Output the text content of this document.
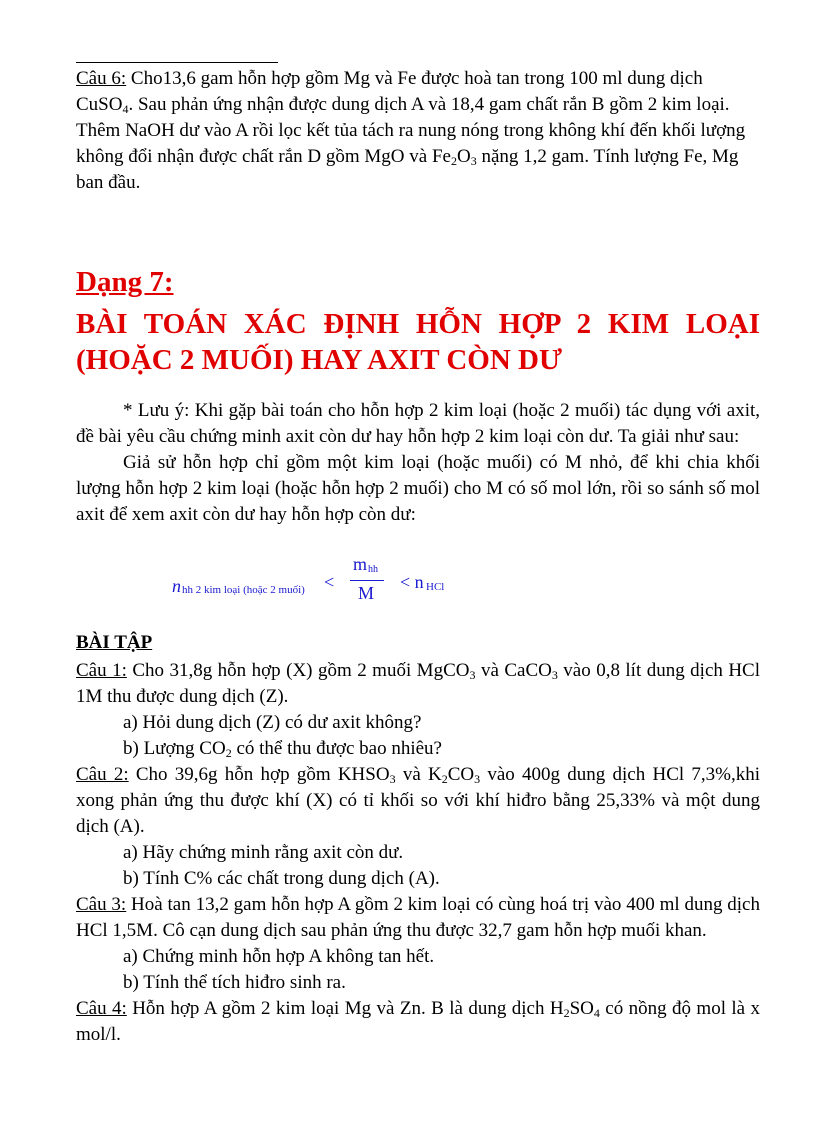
Câu 6: Cho13,6 gam hỗn hợp gồm Mg và Fe được hoà tan trong 100 ml dung dịch

CuSO$_4$. Sau phản ứng nhận được dung dịch A và 18,4 gam chất rắn B gồm 2 kim loại.

Thêm NaOH dư vào A rồi lọc kết tủa tách ra nung nóng trong không khí đến khối lượng

không đổi nhận được chất rắn D gồm MgO và $Fe_2O_3$ nặng 1,2 gam. Tính lượng Fe, Mg

ban đầu.

Dạng 7:
BÀI TOÁN XÁC ĐỊNH HỖN HỢP 2 KIM LOẠI (HOẶC 2 MUỐI) HAY AXIT CÒN DƯ

* Lưu ý: Khi gặp bài toán cho hỗn hợp 2 kim loại (hoặc 2 muối) tác dụng với axit, đề bài yêu cầu chứng minh axit còn dư hay hỗn hợp 2 kim loại còn dư. Ta giải như sau:

Giả sử hỗn hợp chỉ gồm một kim loại (hoặc muối) có M nhỏ, để khi chia khối lượng hỗn hợp 2 kim loại (hoặc hỗn hợp 2 muối) cho M có số mol lớn, rồi so sánh số mol axit để xem axit còn dư hay hỗn hợp còn dư:

n hh 2 kim loại (hoặc 2 muối) <
m hh
M
< n HCl
BÀI TẬP

Câu 1: Cho 31,8g hỗn hợp (X) gồm 2 muối MgCO$_3$ và CaCO$_3$ vào 0,8 lít dung dịch HCl 1M thu được dung dịch (Z).

a) Hỏi dung dịch (Z) có dư axit không?

b) Lượng $CO_2$ có thể thu được bao nhiêu?

Câu 2: Cho 39,6g hỗn hợp gồm $KHSO_3$ và $K_2CO_3$ vào 400g dung dịch HCl 7,3%,khi xong phản ứng thu được khí (X) có tỉ khối so với khí hiđro bằng 25,33% và một dung dịch (A).

a) Hãy chứng minh rằng axit còn dư.

b) Tính C% các chất trong dung dịch (A).

Câu 3: Hoà tan 13,2 gam hỗn hợp A gồm 2 kim loại có cùng hoá trị vào 400 ml dung dịch HCl 1,5M. Cô cạn dung dịch sau phản ứng thu được 32,7 gam hỗn hợp muối khan.

a) Chứng minh hỗn hợp A không tan hết.

b) Tính thể tích hiđro sinh ra.

Câu 4: Hỗn hợp A gồm 2 kim loại Mg và Zn. B là dung dịch $H_2SO_4$ có nồng độ mol là x mol/l.
